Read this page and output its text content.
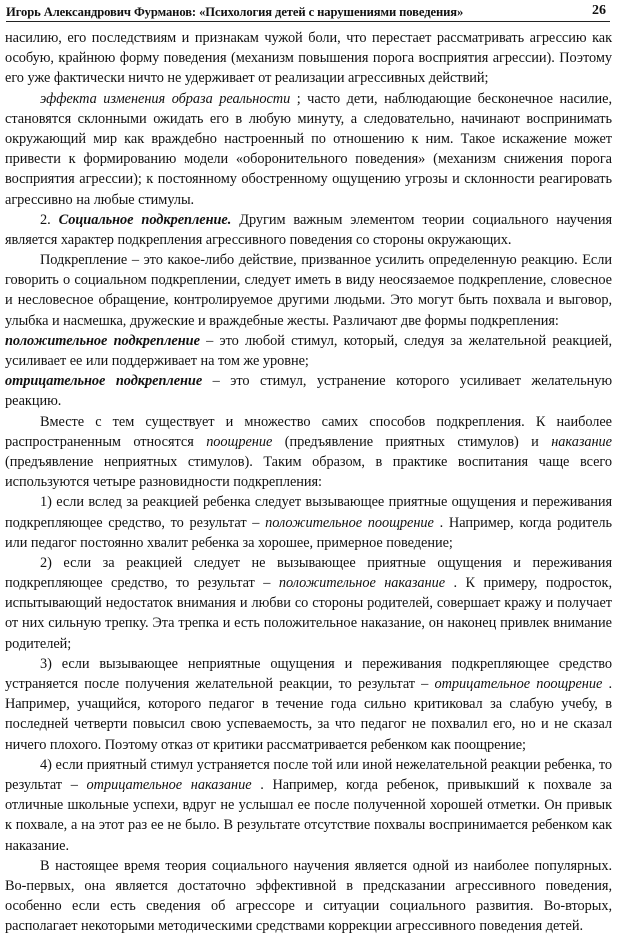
Игорь Александрович Фурманов: «Психология детей с нарушениями поведения»	26

насилию, его последствиям и признакам чужой боли, что перестает рассматривать агрессию как особую, крайнюю форму поведения (механизм повышения порога восприятия агрессии). Поэтому его уже фактически ничто не удерживает от реализации агрессивных действий;

эффекта изменения образа реальности ; часто дети, наблюдающие бесконечное насилие, становятся склонными ожидать его в любую минуту, а следовательно, начинают воспринимать окружающий мир как враждебно настроенный по отношению к ним. Такое искажение может привести к формированию модели «оборонительного поведения» (механизм снижения порога восприятия агрессии); к постоянному обостренному ощущению угрозы и склонности реагировать агрессивно на любые стимулы.

2. Социальное подкрепление. Другим важным элементом теории социального научения является характер подкрепления агрессивного поведения со стороны окружающих.

Подкрепление – это какое-либо действие, призванное усилить определенную реакцию. Если говорить о социальном подкреплении, следует иметь в виду неосязаемое подкрепление, словесное и несловесное обращение, контролируемое другими людьми. Это могут быть похвала и выговор, улыбка и насмешка, дружеские и враждебные жесты. Различают две формы подкрепления:

положительное подкрепление – это любой стимул, который, следуя за желательной реакцией, усиливает ее или поддерживает на том же уровне;

отрицательное подкрепление – это стимул, устранение которого усиливает желательную реакцию.

Вместе с тем существует и множество самих способов подкрепления. К наиболее распространенным относятся поощрение (предъявление приятных стимулов) и наказание (предъявление неприятных стимулов). Таким образом, в практике воспитания чаще всего используются четыре разновидности подкрепления:

1) если вслед за реакцией ребенка следует вызывающее приятные ощущения и переживания подкрепляющее средство, то результат – положительное поощрение . Например, когда родитель или педагог постоянно хвалит ребенка за хорошее, примерное поведение;

2) если за реакцией следует не вызывающее приятные ощущения и переживания подкрепляющее средство, то результат – положительное наказание . К примеру, подросток, испытывающий недостаток внимания и любви со стороны родителей, совершает кражу и получает от них сильную трепку. Эта трепка и есть положительное наказание, он наконец привлек внимание родителей;

3) если вызывающее неприятные ощущения и переживания подкрепляющее средство устраняется после получения желательной реакции, то результат – отрицательное поощрение . Например, учащийся, которого педагог в течение года сильно критиковал за слабую учебу, в последней четверти повысил свою успеваемость, за что педагог не похвалил его, но и не сказал ничего плохого. Поэтому отказ от критики рассматривается ребенком как поощрение;

4) если приятный стимул устраняется после той или иной нежелательной реакции ребенка, то результат – отрицательное наказание . Например, когда ребенок, привыкший к похвале за отличные школьные успехи, вдруг не услышал ее после полученной хорошей отметки. Он привык к похвале, а на этот раз ее не было. В результате отсутствие похвалы воспринимается ребенком как наказание.

В настоящее время теория социального научения является одной из наиболее популярных. Во-первых, она является достаточно эффективной в предсказании агрессивного поведения, особенно если есть сведения об агрессоре и ситуации социального развития. Во-вторых, располагает некоторыми методическими средствами коррекции агрессивного поведения детей.
